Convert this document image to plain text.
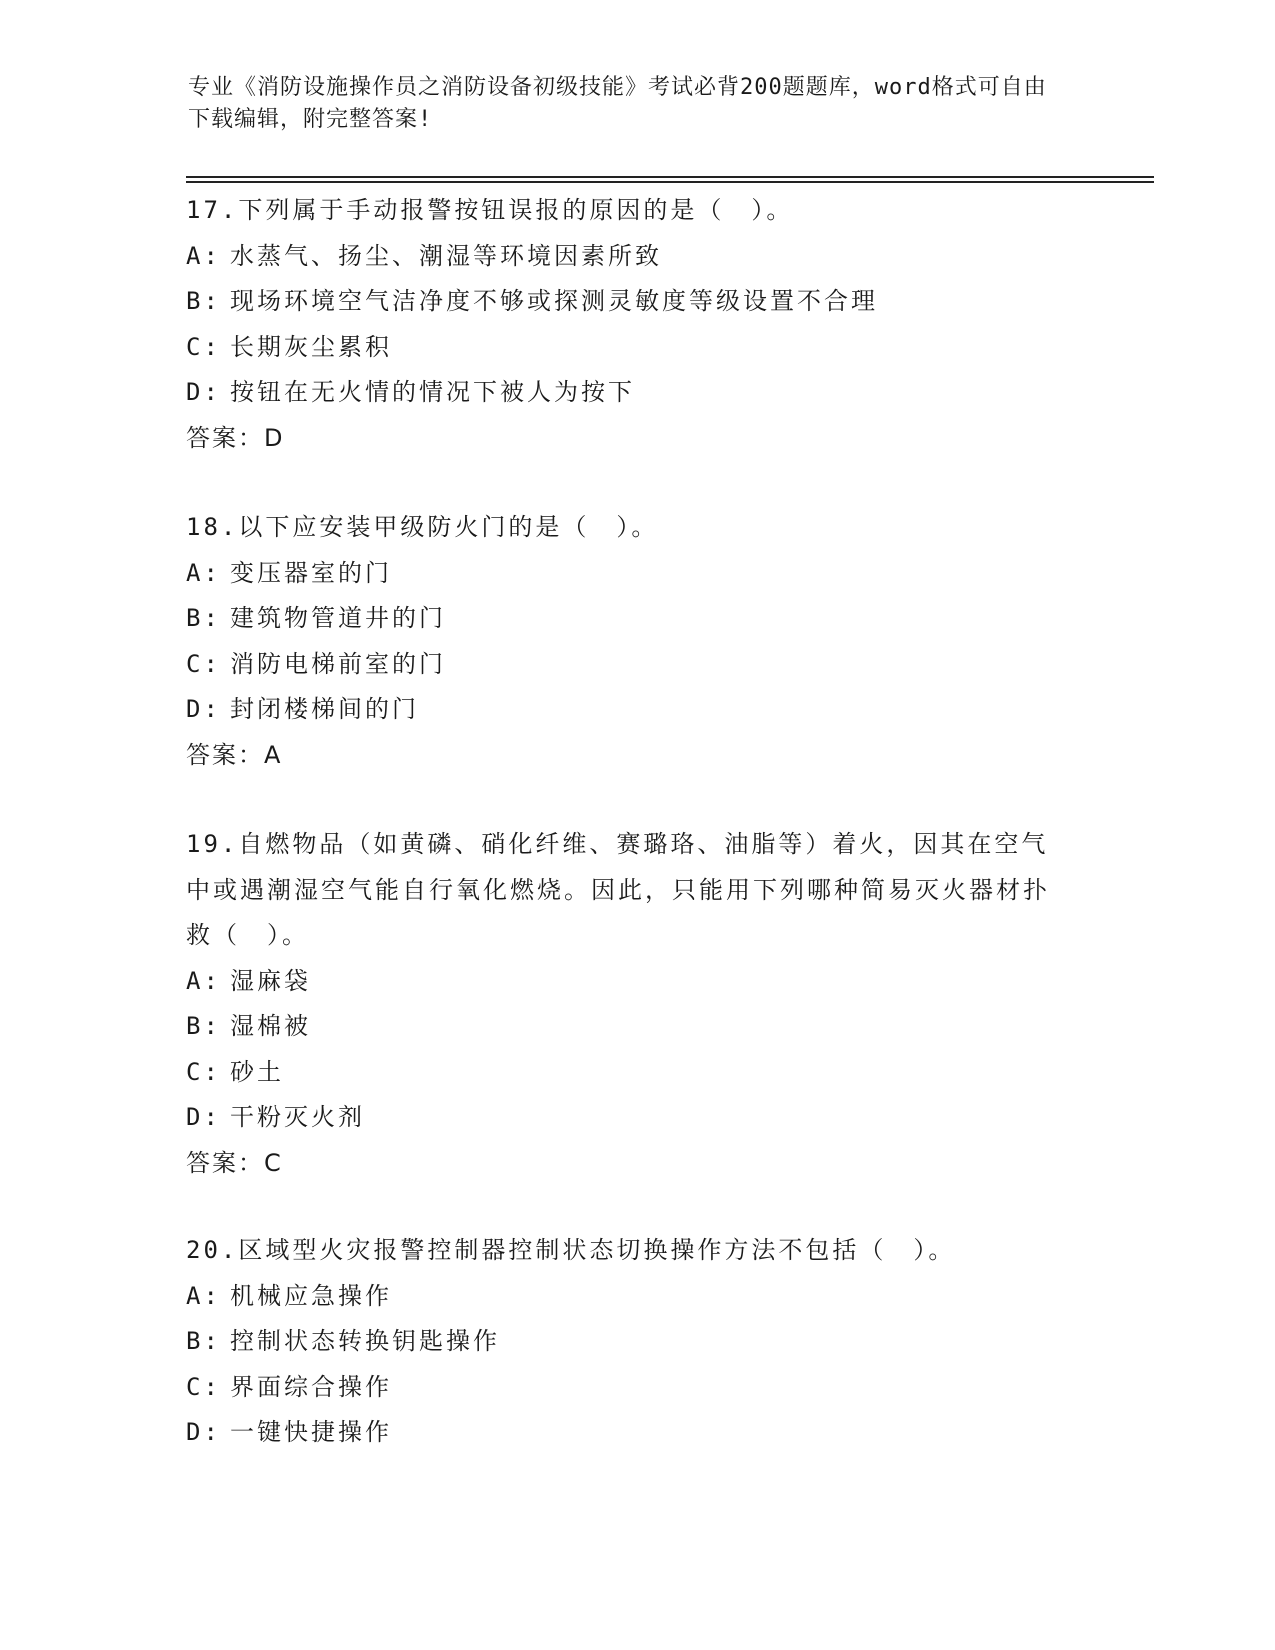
专业《消防设施操作员之消防设备初级技能》考试必背200题题库，word格式可自由下载编辑，附完整答案!
17.下列属于手动报警按钮误报的原因的是（　）。
A: 水蒸气、扬尘、潮湿等环境因素所致
B: 现场环境空气洁净度不够或探测灵敏度等级设置不合理
C: 长期灰尘累积
D: 按钮在无火情的情况下被人为按下
答案：D
18.以下应安装甲级防火门的是（　）。
A: 变压器室的门
B: 建筑物管道井的门
C: 消防电梯前室的门
D: 封闭楼梯间的门
答案：A
19.自燃物品（如黄磷、硝化纤维、赛璐珞、油脂等）着火，因其在空气中或遇潮湿空气能自行氧化燃烧。因此，只能用下列哪种简易灭火器材扑救（　）。
A: 湿麻袋
B: 湿棉被
C: 砂土
D: 干粉灭火剂
答案：C
20.区域型火灾报警控制器控制状态切换操作方法不包括（　）。
A: 机械应急操作
B: 控制状态转换钥匙操作
C: 界面综合操作
D: 一键快捷操作
